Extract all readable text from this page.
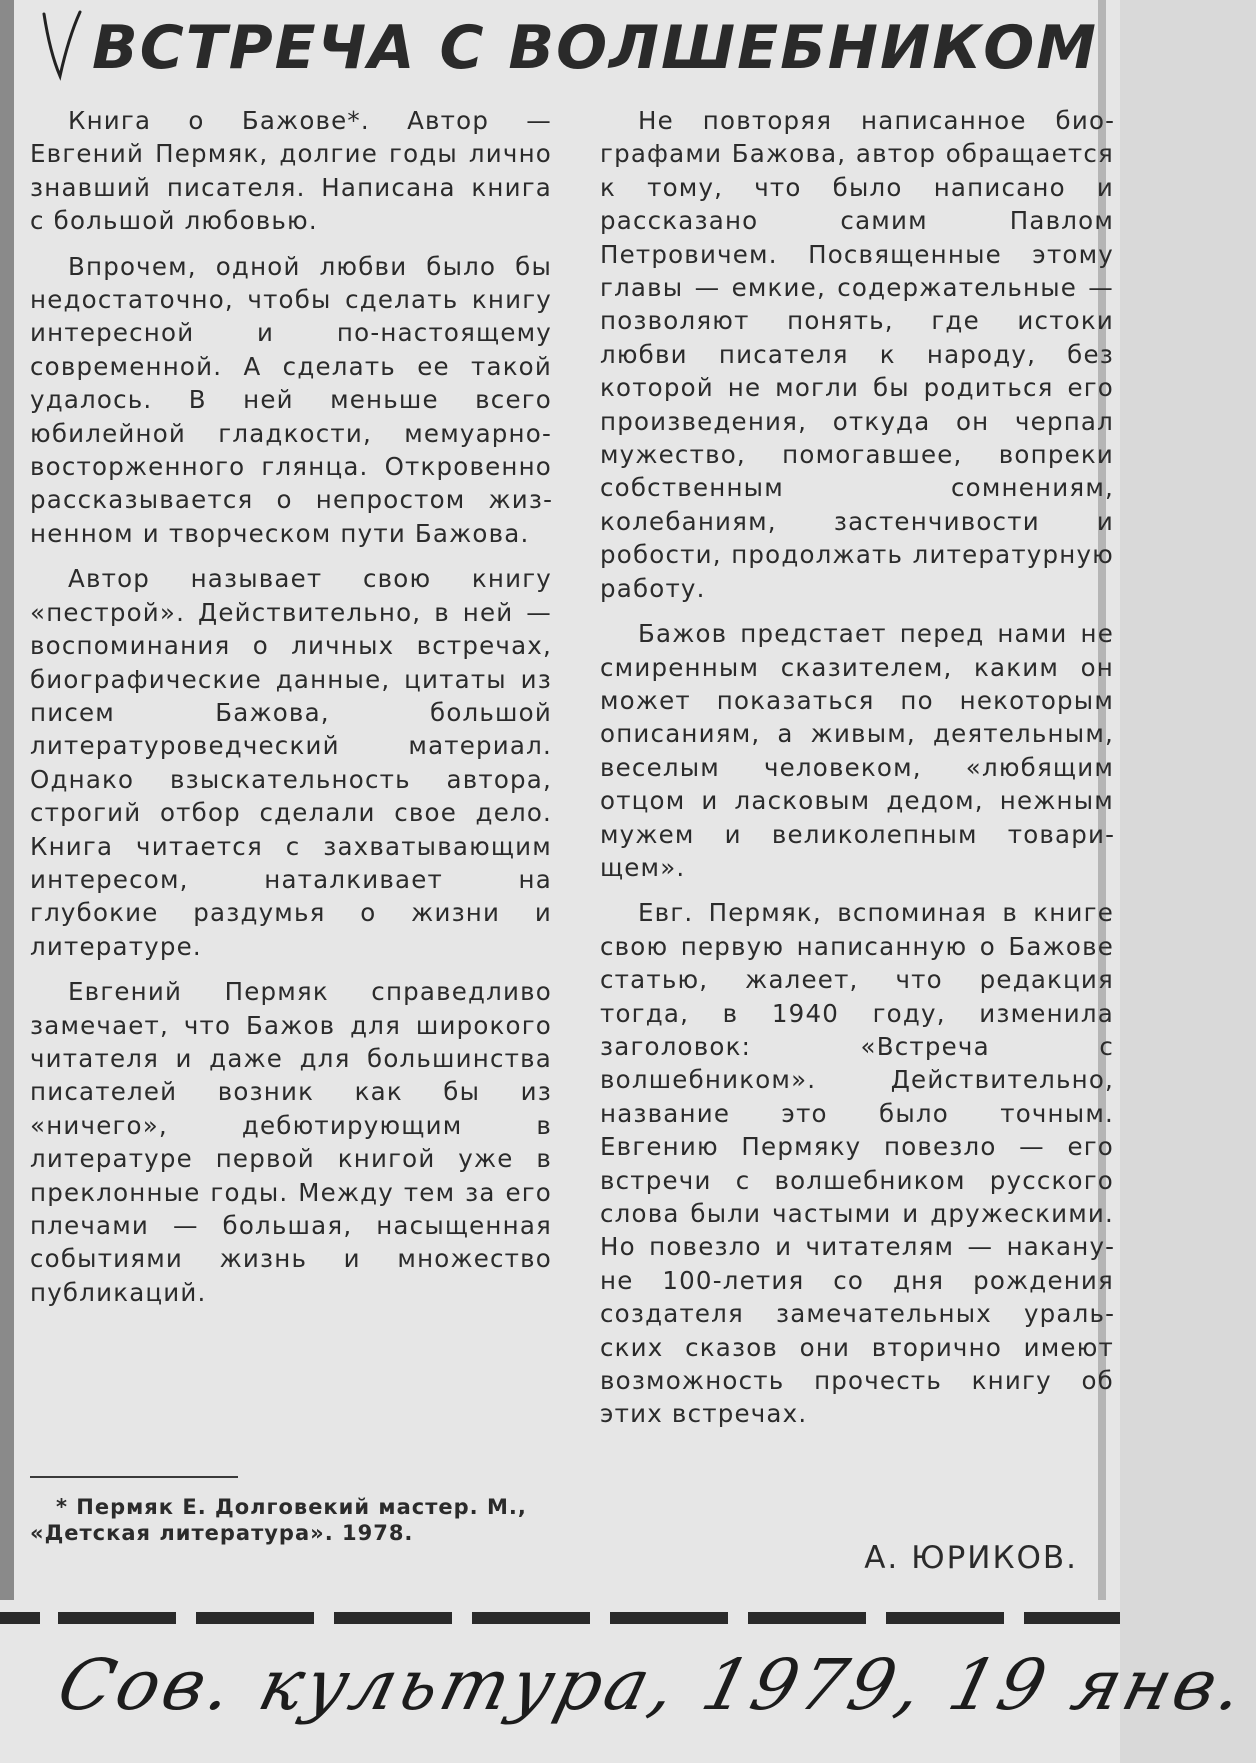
ВСТРЕЧА С ВОЛШЕБНИКОМ

Книга о Бажове*. Автор — Евгений Пермяк, долгие годы лично знавший писателя. Написана книга с большой любовью.

Впрочем, одной любви было бы недостаточно, чтобы сделать книгу интересной и по-настоящему современной. А сделать ее такой удалось. В ней меньше всего юбилейной гладкости, мемуарно-восторженного глянца. Откровенно рассказывается о непростом жизненном и творческом пути Бажова.

Автор называет свою книгу «пестрой». Действительно, в ней — воспоминания о личных встречах, биографические данные, цитаты из писем Бажова, большой литературоведческий материал. Однако взыскательность автора, строгий отбор сделали свое дело. Книга читается с захватывающим интересом, наталкивает на глубокие раздумья о жизни и литературе.

Евгений Пермяк справедливо замечает, что Бажов для широкого читателя и даже для большинства писателей возник как бы из «ничего», дебютирующим в литературе первой книгой уже в преклонные годы. Между тем за его плечами — большая, насыщенная событиями жизнь и множество публикаций.

Не повторяя написанное биографами Бажова, автор обращается к тому, что было написано и рассказано самим Павлом Петровичем. Посвященные этому главы — емкие, содержательные — позволяют понять, где истоки любви писателя к народу, без которой не могли бы родиться его произведения, откуда он черпал мужество, помогавшее, вопреки собственным сомнениям, колебаниям, застенчивости и робости, продолжать литературную работу.

Бажов предстает перед нами не смиренным сказителем, каким он может показаться по некоторым описаниям, а живым, деятельным, веселым человеком, «любящим отцом и ласковым дедом, нежным мужем и великолепным товарищем».

Евг. Пермяк, вспоминая в книге свою первую написанную о Бажове статью, жалеет, что редакция тогда, в 1940 году, изменила заголовок: «Встреча с волшебником». Действительно, название это было точным. Евгению Пермяку повезло — его встречи с волшебником русского слова были частыми и дружескими. Но повезло и читателям — накануне 100-летия со дня рождения создателя замечательных уральских сказов они вторично имеют возможность прочесть книгу об этих встречах.

* Пермяк Е. Долговекий мастер. М., «Детская литература». 1978.
А. ЮРИКОВ.
Сов. культура, 1979, 19 янв.
